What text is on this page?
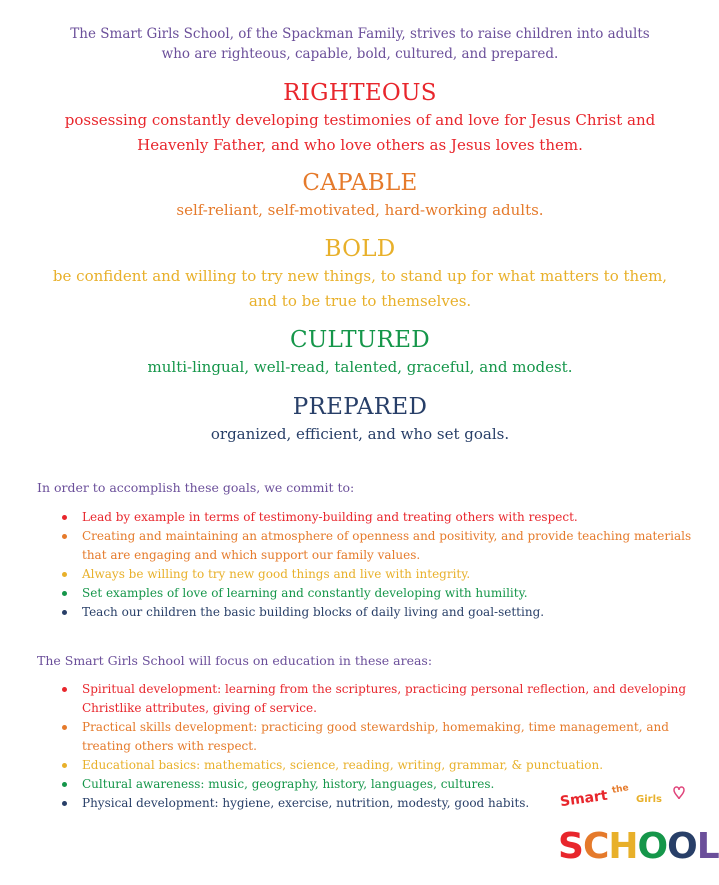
The Smart Girls School, of the Spackman Family, strives to raise children into adults who are righteous, capable, bold, cultured, and prepared.
RIGHTEOUS
possessing constantly developing testimonies of and love for Jesus Christ and Heavenly Father, and who love others as Jesus loves them.
CAPABLE
self-reliant, self-motivated, hard-working adults.
BOLD
be confident and willing to try new things, to stand up for what matters to them, and to be true to themselves.
CULTURED
multi-lingual, well-read, talented, graceful, and modest.
PREPARED
organized, efficient, and who set goals.
In order to accomplish these goals, we commit to:
Lead by example in terms of testimony-building and treating others with respect.
Creating and maintaining an atmosphere of openness and positivity, and provide teaching materials that are engaging and which support our family values.
Always be willing to try new good things and live with integrity.
Set examples of love of learning and constantly developing with humility.
Teach our children the basic building blocks of daily living and goal-setting.
The Smart Girls School will focus on education in these areas:
Spiritual development: learning from the scriptures, practicing personal reflection, and developing Christlike attributes, giving of service.
Practical skills development: practicing good stewardship, homemaking, time management, and treating others with respect.
Educational basics: mathematics, science, reading, writing, grammar, & punctuation.
Cultural awareness: music, geography, history, languages, cultures.
Physical development: hygiene, exercise, nutrition, modesty, good habits.	Smart the
Girls
SCHOOL
